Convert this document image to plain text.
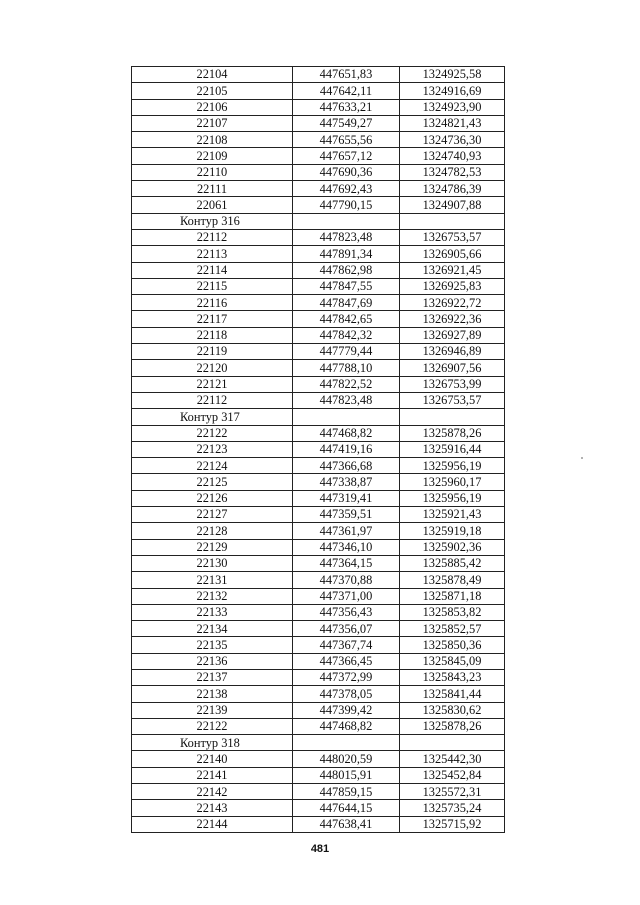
22104	447651,83	1324925,58
22105	447642,11	1324916,69
22106	447633,21	1324923,90
22107	447549,27	1324821,43
22108	447655,56	1324736,30
22109	447657,12	1324740,93
22110	447690,36	1324782,53
22111	447692,43	1324786,39
22061	447790,15	1324907,88
Контур 316		
22112	447823,48	1326753,57
22113	447891,34	1326905,66
22114	447862,98	1326921,45
22115	447847,55	1326925,83
22116	447847,69	1326922,72
22117	447842,65	1326922,36
22118	447842,32	1326927,89
22119	447779,44	1326946,89
22120	447788,10	1326907,56
22121	447822,52	1326753,99
22112	447823,48	1326753,57
Контур 317		
22122	447468,82	1325878,26
22123	447419,16	1325916,44
22124	447366,68	1325956,19
22125	447338,87	1325960,17
22126	447319,41	1325956,19
22127	447359,51	1325921,43
22128	447361,97	1325919,18
22129	447346,10	1325902,36
22130	447364,15	1325885,42
22131	447370,88	1325878,49
22132	447371,00	1325871,18
22133	447356,43	1325853,82
22134	447356,07	1325852,57
22135	447367,74	1325850,36
22136	447366,45	1325845,09
22137	447372,99	1325843,23
22138	447378,05	1325841,44
22139	447399,42	1325830,62
22122	447468,82	1325878,26
Контур 318		
22140	448020,59	1325442,30
22141	448015,91	1325452,84
22142	447859,15	1325572,31
22143	447644,15	1325735,24
22144	447638,41	1325715,92
481
